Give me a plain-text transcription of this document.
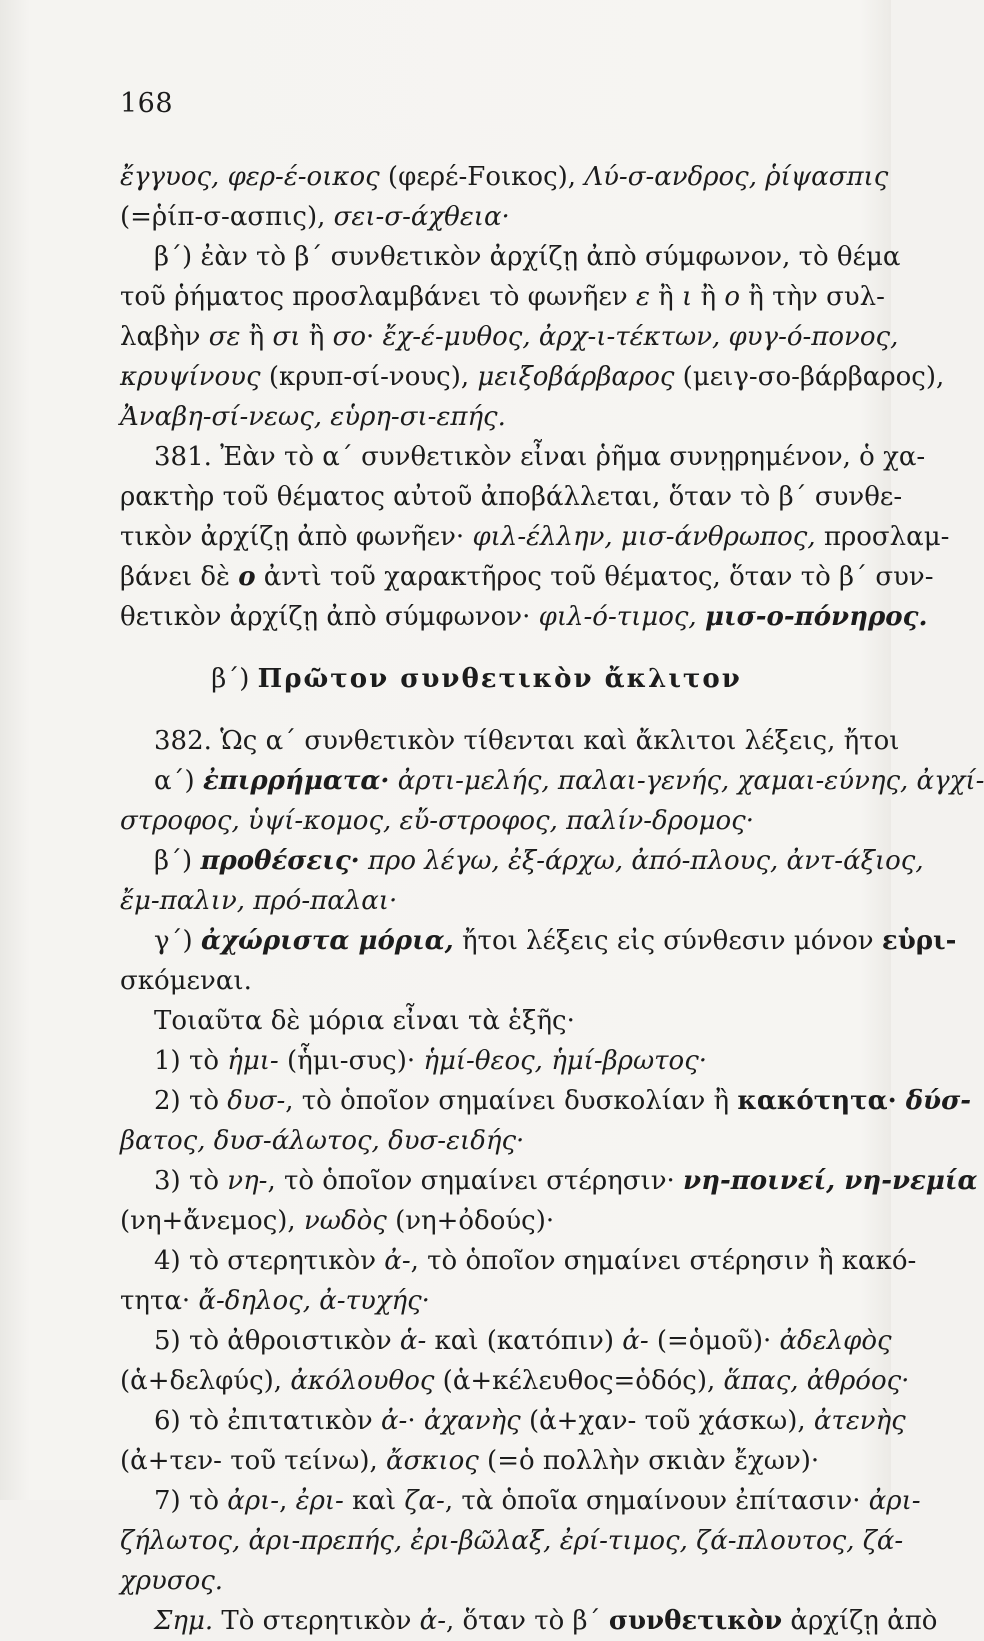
168
ἔγγυος, φερ-έ-οικος (φερέ-Fοικος), Λύ-σ-ανδρος, ῥίψασπις
(=ῥίπ-σ-ασπις), σει-σ-άχθεια·
β΄) ἐὰν τὸ β΄ συνθετικὸν ἀρχίζῃ ἀπὸ σύμφωνον, τὸ θέμα
τοῦ ῥήματος προσλαμβάνει τὸ φωνῆεν ε ἢ ι ἢ ο ἢ τὴν συλ-
λαβὴν σε ἢ σι ἢ σο· ἔχ-έ-μυθος, ἀρχ-ι-τέκτων, φυγ-ό-πονος,
κρυψίνους (κρυπ-σί-νους), μειξοβάρβαρος (μειγ-σο-βάρβαρος),
Ἀναβη-σί-νεως, εὑρη-σι-επής.
381. Ἐὰν τὸ α΄ συνθετικὸν εἶναι ῥῆμα συνῃρημένον, ὁ χα-
ρακτὴρ τοῦ θέματος αὐτοῦ ἀποβάλλεται, ὅταν τὸ β΄ συνθε-
τικὸν ἀρχίζῃ ἀπὸ φωνῆεν· φιλ-έλλην, μισ-άνθρωπος, προσλαμ-
βάνει δὲ ο ἀντὶ τοῦ χαρακτῆρος τοῦ θέματος, ὅταν τὸ β΄ συν-
θετικὸν ἀρχίζῃ ἀπὸ σύμφωνον· φιλ-ό-τιμος, μισ-ο-πόνηρος.
β΄) Πρῶτον συνθετικὸν ἄκλιτον
382. Ὡς α΄ συνθετικὸν τίθενται καὶ ἄκλιτοι λέξεις, ἤτοι
α΄) ἐπιρρήματα· ἀρτι-μελής, παλαι-γενής, χαμαι-εύνης, ἀγχί-
στροφος, ὑψί-κομος, εὔ-στροφος, παλίν-δρομος·
β΄) προθέσεις· προ λέγω, ἐξ-άρχω, ἀπό-πλους, ἀντ-άξιος,
ἔμ-παλιν, πρό-παλαι·
γ΄) ἀχώριστα μόρια, ἤτοι λέξεις εἰς σύνθεσιν μόνον εὑρι-
σκόμεναι.
Τοιαῦτα δὲ μόρια εἶναι τὰ ἑξῆς·
1) τὸ ἡμι- (ἧμι-συς)· ἡμί-θεος, ἡμί-βρωτος·
2) τὸ δυσ-, τὸ ὁποῖον σημαίνει δυσκολίαν ἢ κακότητα· δύσ-
βατος, δυσ-άλωτος, δυσ-ειδής·
3) τὸ νη-, τὸ ὁποῖον σημαίνει στέρησιν· νη-ποινεί, νη-νεμία
(νη+ἄνεμος), νωδὸς (νη+ὀδούς)·
4) τὸ στερητικὸν ἀ-, τὸ ὁποῖον σημαίνει στέρησιν ἢ κακό-
τητα· ἄ-δηλος, ἀ-τυχής·
5) τὸ ἀθροιστικὸν ἁ- καὶ (κατόπιν) ἀ- (=ὁμοῦ)· ἀδελφὸς
(ἁ+δελφύς), ἀκόλουθος (ἁ+κέλευθος=ὁδός), ἅπας, ἀθρόος·
6) τὸ ἐπιτατικὸν ἀ-· ἀχανὴς (ἀ+χαν- τοῦ χάσκω), ἀτενὴς
(ἀ+τεν- τοῦ τείνω), ἄσκιος (=ὁ πολλὴν σκιὰν ἔχων)·
7) τὸ ἀρι-, ἐρι- καὶ ζα-, τὰ ὁποῖα σημαίνουν ἐπίτασιν· ἀρι-
ζήλωτος, ἀρι-πρεπής, ἐρι-βῶλαξ, ἐρί-τιμος, ζά-πλουτος, ζά-
χρυσος.
Σημ. Τὸ στερητικὸν ἀ-, ὅταν τὸ β΄ συνθετικὸν ἀρχίζῃ ἀπὸ
